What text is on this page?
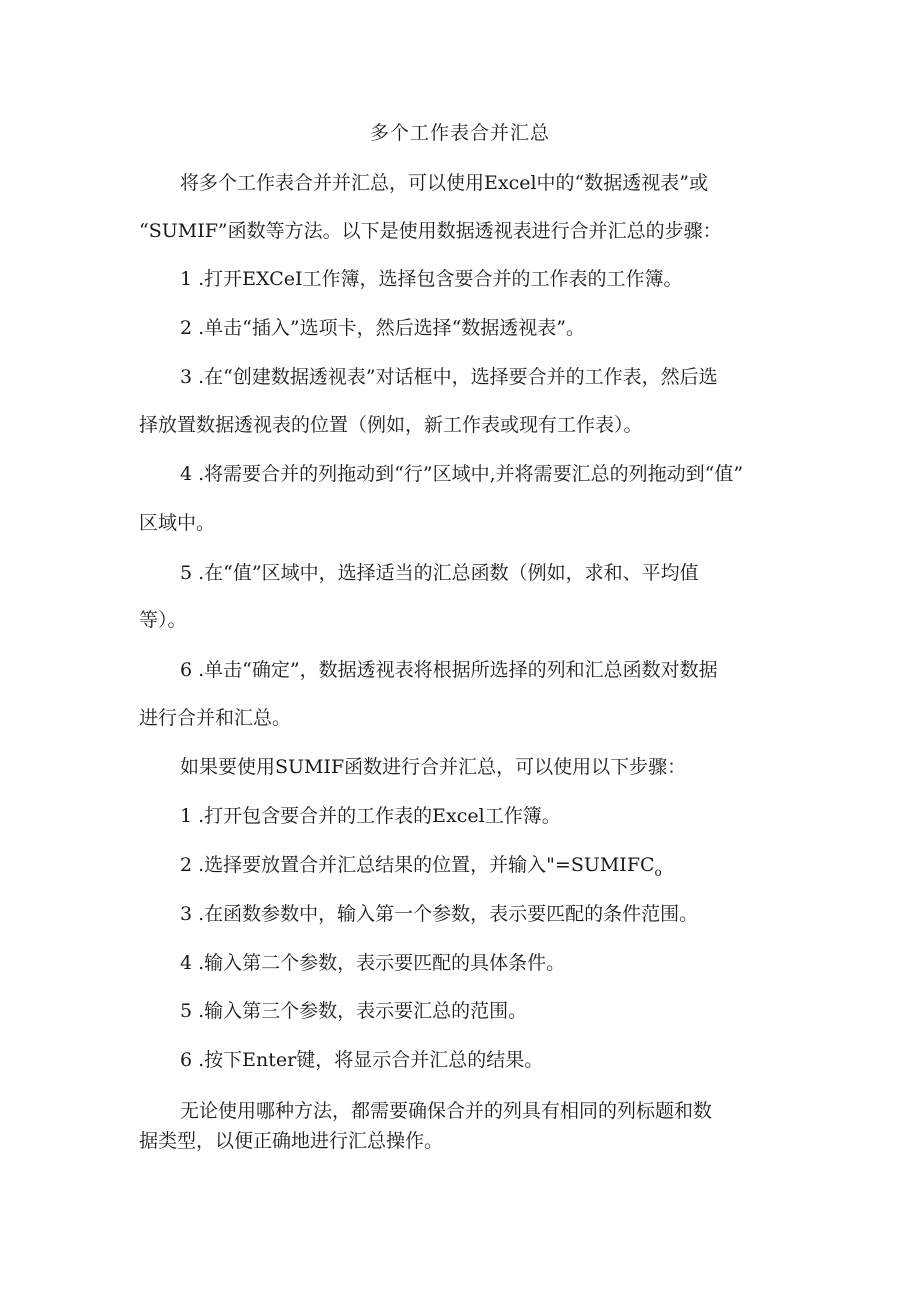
多个工作表合并汇总
将多个工作表合并并汇总，可以使用Excel中的“数据透视表”或
“SUMIF”函数等方法。以下是使用数据透视表进行合并汇总的步骤：
1 .打开EXCeI工作簿，选择包含要合并的工作表的工作簿。
2 .单击“插入”选项卡，然后选择“数据透视表”。
3 .在“创建数据透视表”对话框中，选择要合并的工作表，然后选
择放置数据透视表的位置（例如，新工作表或现有工作表）。
4 .将需要合并的列拖动到“行”区域中,并将需要汇总的列拖动到“值”
区域中。
5 .在“值”区域中，选择适当的汇总函数（例如，求和、平均值
等）。
6 .单击“确定”，数据透视表将根据所选择的列和汇总函数对数据
进行合并和汇总。
如果要使用SUMIF函数进行合并汇总，可以使用以下步骤：
1 .打开包含要合并的工作表的Excel工作簿。
2 .选择要放置合并汇总结果的位置，并输入"$=SUMIFC_o$
3 .在函数参数中，输入第一个参数，表示要匹配的条件范围。
4 .输入第二个参数，表示要匹配的具体条件。
5 .输入第三个参数，表示要汇总的范围。
6 .按下Enter键，将显示合并汇总的结果。
无论使用哪种方法，都需要确保合并的列具有相同的列标题和数
据类型，以便正确地进行汇总操作。
